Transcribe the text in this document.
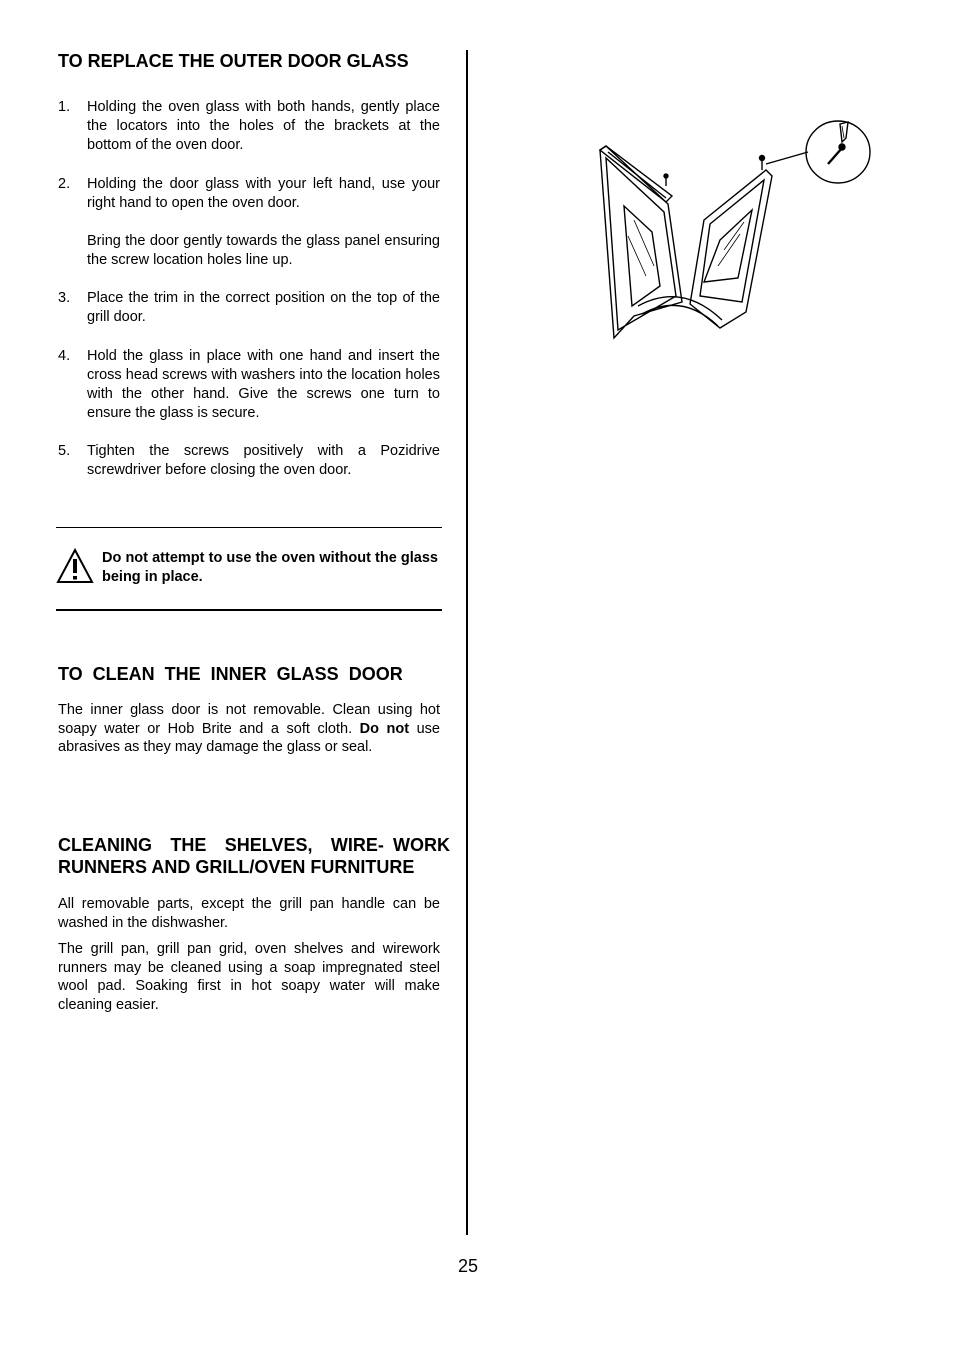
TO REPLACE THE OUTER DOOR GLASS
1. Holding the oven glass with both hands, gently place the locators into the holes of the brackets at the bottom of the oven door.

2. Holding the door glass with your left hand, use your right hand to open the oven door.

Bring the door gently towards the glass panel ensuring the screw location holes line up.

3. Place the trim in the correct position on the top of the grill door.

4. Hold the glass in place with one hand and insert the cross head screws with washers into the location holes with the other hand. Give the screws one turn to ensure the glass is secure.

5. Tighten the screws positively with a Pozidrive screwdriver before closing the oven door.

Do not attempt to use the oven without the glass being in place.

TO  CLEAN  THE  INNER  GLASS  DOOR

The inner glass door is not removable. Clean using hot soapy water or Hob Brite and a soft cloth. Do not use abrasives as they may damage the glass or seal.

CLEANING  THE  SHELVES,  WIRE- WORK RUNNERS AND GRILL/OVEN FURNITURE

All removable parts, except the grill pan handle can be washed in the dishwasher.

The grill pan, grill pan grid, oven shelves and wirework runners may be cleaned using a soap impregnated steel wool pad. Soaking first in hot soapy water will make cleaning easier.

25
